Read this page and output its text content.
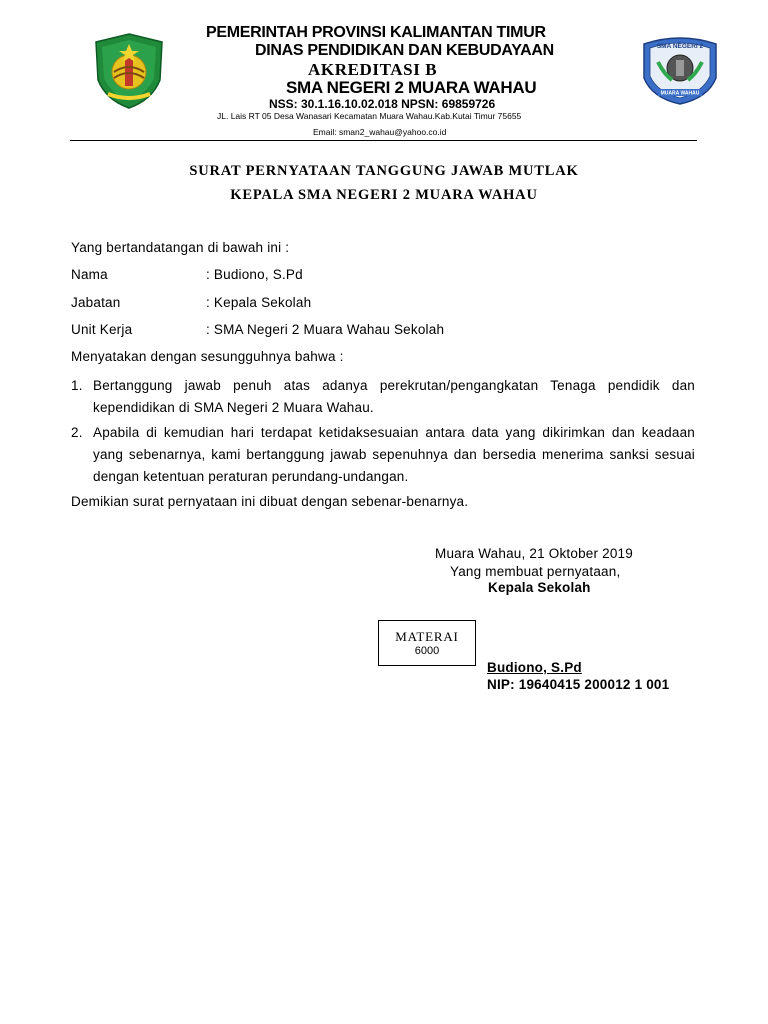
SMA NEGERI 2
MUARA WAHAU
PEMERINTAH PROVINSI KALIMANTAN TIMUR
DINAS PENDIDIKAN DAN KEBUDAYAAN
AKREDITASI B
SMA NEGERI 2 MUARA WAHAU
NSS: 30.1.16.10.02.018 NPSN: 69859726
JL. Lais RT 05 Desa Wanasari Kecamatan Muara Wahau.Kab.Kutai Timur 75655
Email: sman2_wahau@yahoo.co.id
SURAT PERNYATAAN TANGGUNG JAWAB MUTLAK
KEPALA SMA NEGERI 2 MUARA WAHAU
Yang bertandatangan di bawah ini :
Nama	: Budiono, S.Pd
Jabatan	: Kepala Sekolah
Unit Kerja	: SMA Negeri 2 Muara Wahau Sekolah
Menyatakan dengan sesungguhnya bahwa :
1. Bertanggung jawab penuh atas adanya perekrutan/pengangkatan Tenaga pendidik dan kependidikan di SMA Negeri 2 Muara Wahau.
2. Apabila di kemudian hari terdapat ketidaksesuaian antara data yang dikirimkan dan keadaan yang sebenarnya, kami bertanggung jawab sepenuhnya dan bersedia menerima sanksi sesuai dengan ketentuan peraturan perundang-undangan.
Demikian surat pernyataan ini dibuat dengan sebenar-benarnya.
Muara Wahau, 21 Oktober 2019
Yang membuat pernyataan,
Kepala Sekolah
MATERAI
6000
Budiono, S.Pd
NIP: 19640415 200012 1 001
